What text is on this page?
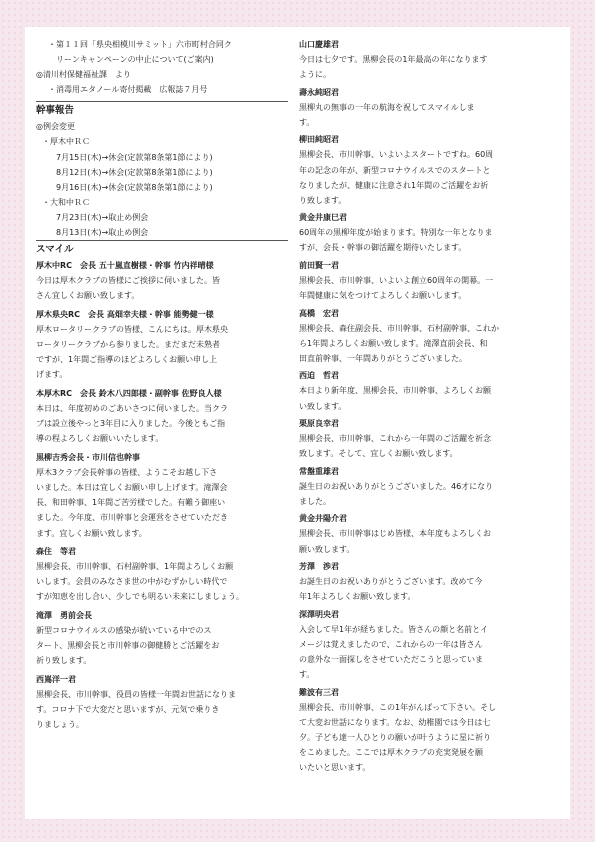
・第１１回「県央相模川サミット」六市町村合同ク
リーンキャンペーンの中止について(ご案内)
◎清川村保健福祉課　より
・消毒用エタノール寄付掲載　広報誌７月号
幹事報告
◎例会変更
・厚木中ＲＣ
7月15日(木)→休会(定款第8条第1節により)
8月12日(木)→休会(定款第8条第1節により)
9月16日(木)→休会(定款第8条第1節により)
・大和中ＲＣ
7月23日(木)→取止め例会
8月13日(木)→取止め例会
スマイル
厚木中RC　会長 五十嵐直樹様・幹事 竹内祥晴様
今日は厚木クラブの皆様にご挨拶に伺いました。皆
さん宜しくお願い致します。
厚木県央RC　会長 高畑幸夫様・幹事 能勢健一様
厚木ロータリークラブの皆様、こんにちは。厚木県央
ロータリークラブから参りました。まだまだ未熟者
ですが、1年間ご指導のほどよろしくお願い申し上
げます。
本厚木RC　会長 鈴木八四郎様・副幹事 佐野良人様
本日は、年度初めのごあいさつに伺いました。当クラ
ブは設立後やっと3年目に入りました。今後ともご指
導の程よろしくお願いいたします。
黒柳吉秀会長・市川信也幹事
厚木3クラブ会長幹事の皆様、ようこそお越し下さ
いました。本日は宜しくお願い申し上げます。滝澤会
長、和田幹事、1年間ご苦労様でした。有難う御座い
ました。今年度、市川幹事と会運営をさせていただき
ます。宜しくお願い致します。
森住　等君
黒柳会長、市川幹事、石村副幹事、1年間よろしくお願
いします。会員のみなさま世の中がむずかしい時代で
すが知恵を出し合い、少しでも明るい未来にしましょう。
滝澤　勇前会長
新型コロナウイルスの感染が続いている中でのス
タート、黒柳会長と市川幹事の御健勝とご活躍をお
祈り致します。
西嶌洋一君
黒柳会長、市川幹事、役員の皆様一年間お世話になりま
す。コロナ下で大変だと思いますが、元気で乗りき
りましょう。
山口慶雄君
今日は七夕です。黒柳会長の1年最高の年になります
ように。
壽永純昭君
黒柳丸の無事の一年の航海を祝してスマイルしま
す。
柳田純昭君
黒柳会長、市川幹事、いよいよスタートですね。60周
年の記念の年が、新型コロナウイルスでのスタートと
なりましたが、健康に注意され1年間のご活躍をお祈
り致します。
黄金井康巳君
60周年の黒柳年度が始まります。特別な一年となりま
すが、会長・幹事の御活躍を期待いたします。
前田賢一君
黒柳会長、市川幹事、いよいよ創立60周年の開幕。一
年間健康に気をつけてよろしくお願いします。
高橋　宏君
黒柳会長、森住副会長、市川幹事、石村副幹事、これか
ら1年間よろしくお願い致します。滝澤直前会長、和
田直前幹事、一年間ありがとうございました。
西迫　哲君
本日より新年度、黒柳会長、市川幹事、よろしくお願
い致します。
栗原良幸君
黒柳会長、市川幹事、これから一年間のご活躍を祈念
致します。そして、宜しくお願い致します。
常盤重雄君
誕生日のお祝いありがとうございました。46才になり
ました。
黄金井陽介君
黒柳会長、市川幹事はじめ皆様、本年度もよろしくお
願い致します。
芳澤　渉君
お誕生日のお祝いありがとうございます。改めて今
年1年よろしくお願い致します。
深澤明央君
入会して早1年が経ちました。皆さんの顔と名前とイ
メージは覚えましたので、これからの一年は皆さん
の意外な一面探しをさせていただこうと思っていま
す。
難波有三君
黒柳会長、市川幹事、この1年がんばって下さい。そし
て大変お世話になります。なお、幼稚園では今日は七
夕。子ども達一人ひとりの願いが叶うように星に祈り
をこめました。ここでは厚木クラブの充実発展を願
いたいと思います。
